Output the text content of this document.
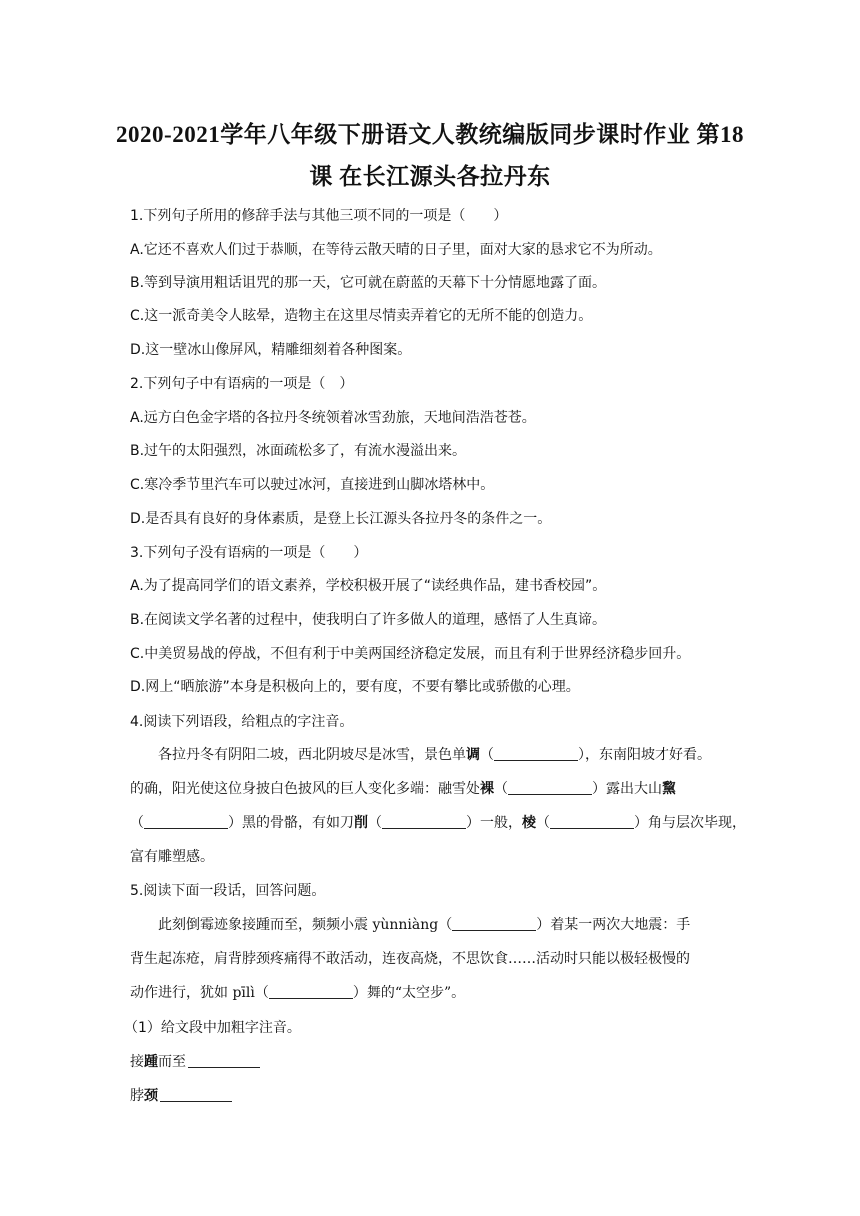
2020-2021学年八年级下册语文人教统编版同步课时作业 第18
课 在长江源头各拉丹东
1.下列句子所用的修辞手法与其他三项不同的一项是（　　）
A.它还不喜欢人们过于恭顺，在等待云散天晴的日子里，面对大家的恳求它不为所动。
B.等到导演用粗话诅咒的那一天，它可就在蔚蓝的天幕下十分情愿地露了面。
C.这一派奇美令人眩晕，造物主在这里尽情卖弄着它的无所不能的创造力。
D.这一壁冰山像屏风，精雕细刻着各种图案。
2.下列句子中有语病的一项是（　）
A.远方白色金字塔的各拉丹冬统领着冰雪劲旅，天地间浩浩苍苍。
B.过午的太阳强烈，冰面疏松多了，有流水漫溢出来。
C.寒冷季节里汽车可以驶过冰河，直接进到山脚冰塔林中。
D.是否具有良好的身体素质，是登上长江源头各拉丹冬的条件之一。
3.下列句子没有语病的一项是（　　）
A.为了提高同学们的语文素养，学校积极开展了“读经典作品，建书香校园”。
B.在阅读文学名著的过程中，使我明白了许多做人的道理，感悟了人生真谛。
C.中美贸易战的停战，不但有利于中美两国经济稳定发展，而且有利于世界经济稳步回升。
D.网上“晒旅游”本身是积极向上的，要有度，不要有攀比或骄傲的心理。
4.阅读下列语段，给粗点的字注音。
各拉丹冬有阴阳二坡，西北阴坡尽是冰雪，景色单调（	），东南阳坡才好看。
的确，阳光使这位身披白色披风的巨人变化多端：融雪处裸（	）露出大山黧
（	）黑的骨骼，有如刀削（	）一般，棱（	）角与层次毕现，
富有雕塑感。
5.阅读下面一段话，回答问题。
此刻倒霉迹象接踵而至，频频小震 yùnniàng（	）着某一两次大地震：手
背生起冻疮，肩背脖颈疼痛得不敢活动，连夜高烧，不思饮食……活动时只能以极轻极慢的
动作进行，犹如 pīlì（	）舞的“太空步”。
（1）给文段中加粗字注音。
接踵而至
脖颈
